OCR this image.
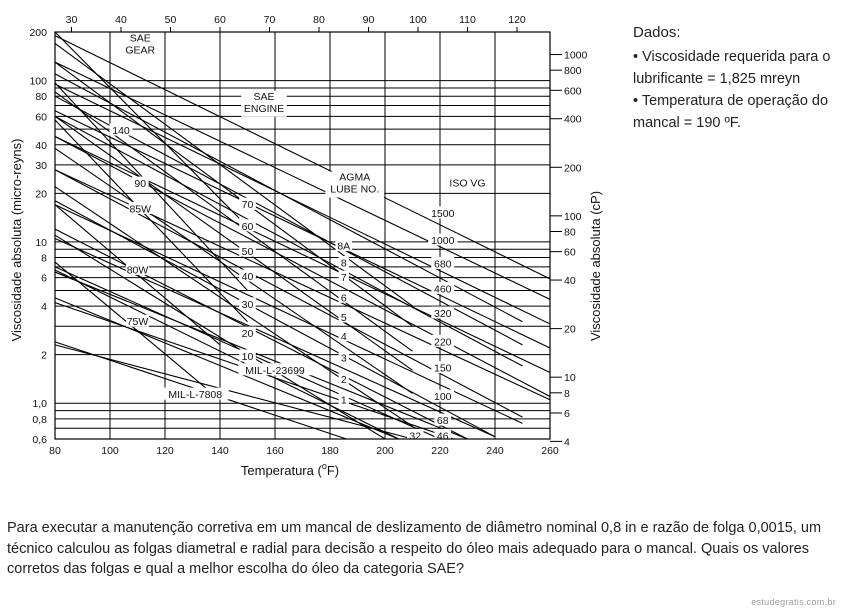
140
90
85W
80W
75W
70
60
50
40
30
20
10
8A
8
7
6
5
4
3
2
1
1500
1000
680
460
320
220
150
100
68
46
32
MIL-L-23699
MIL-L-7808
SAE
GEAR
SAE
ENGINE
AGMA
LUBE NO.	ISO VG
80	100	120	140	160	180	200	220	240	260
0,6
0,8
1,0
2
4
6
8
10
20
30
40
60
80
100
200
30	40	50	60	70	80	90	100	110	120
4
6
8
10
20
40
60
80
100
200
400
600
800
1000
Temperatura ($^o$F)
Viscosidade absoluta (micro-reyns)	Viscosidade absoluta (cP)
Dados:
• Viscosidade requerida para o lubrificante = 1,825 mreyn
• Temperatura de operação do mancal = 190 ºF.
Para executar a manutenção corretiva em um mancal de deslizamento de diâmetro nominal 0,8 in e razão de folga 0,0015, um técnico calculou as folgas diametral e radial para decisão a respeito do óleo mais adequado para o mancal. Quais os valores corretos das folgas e qual a melhor escolha do óleo da categoria SAE?
estudegratis.com.br
